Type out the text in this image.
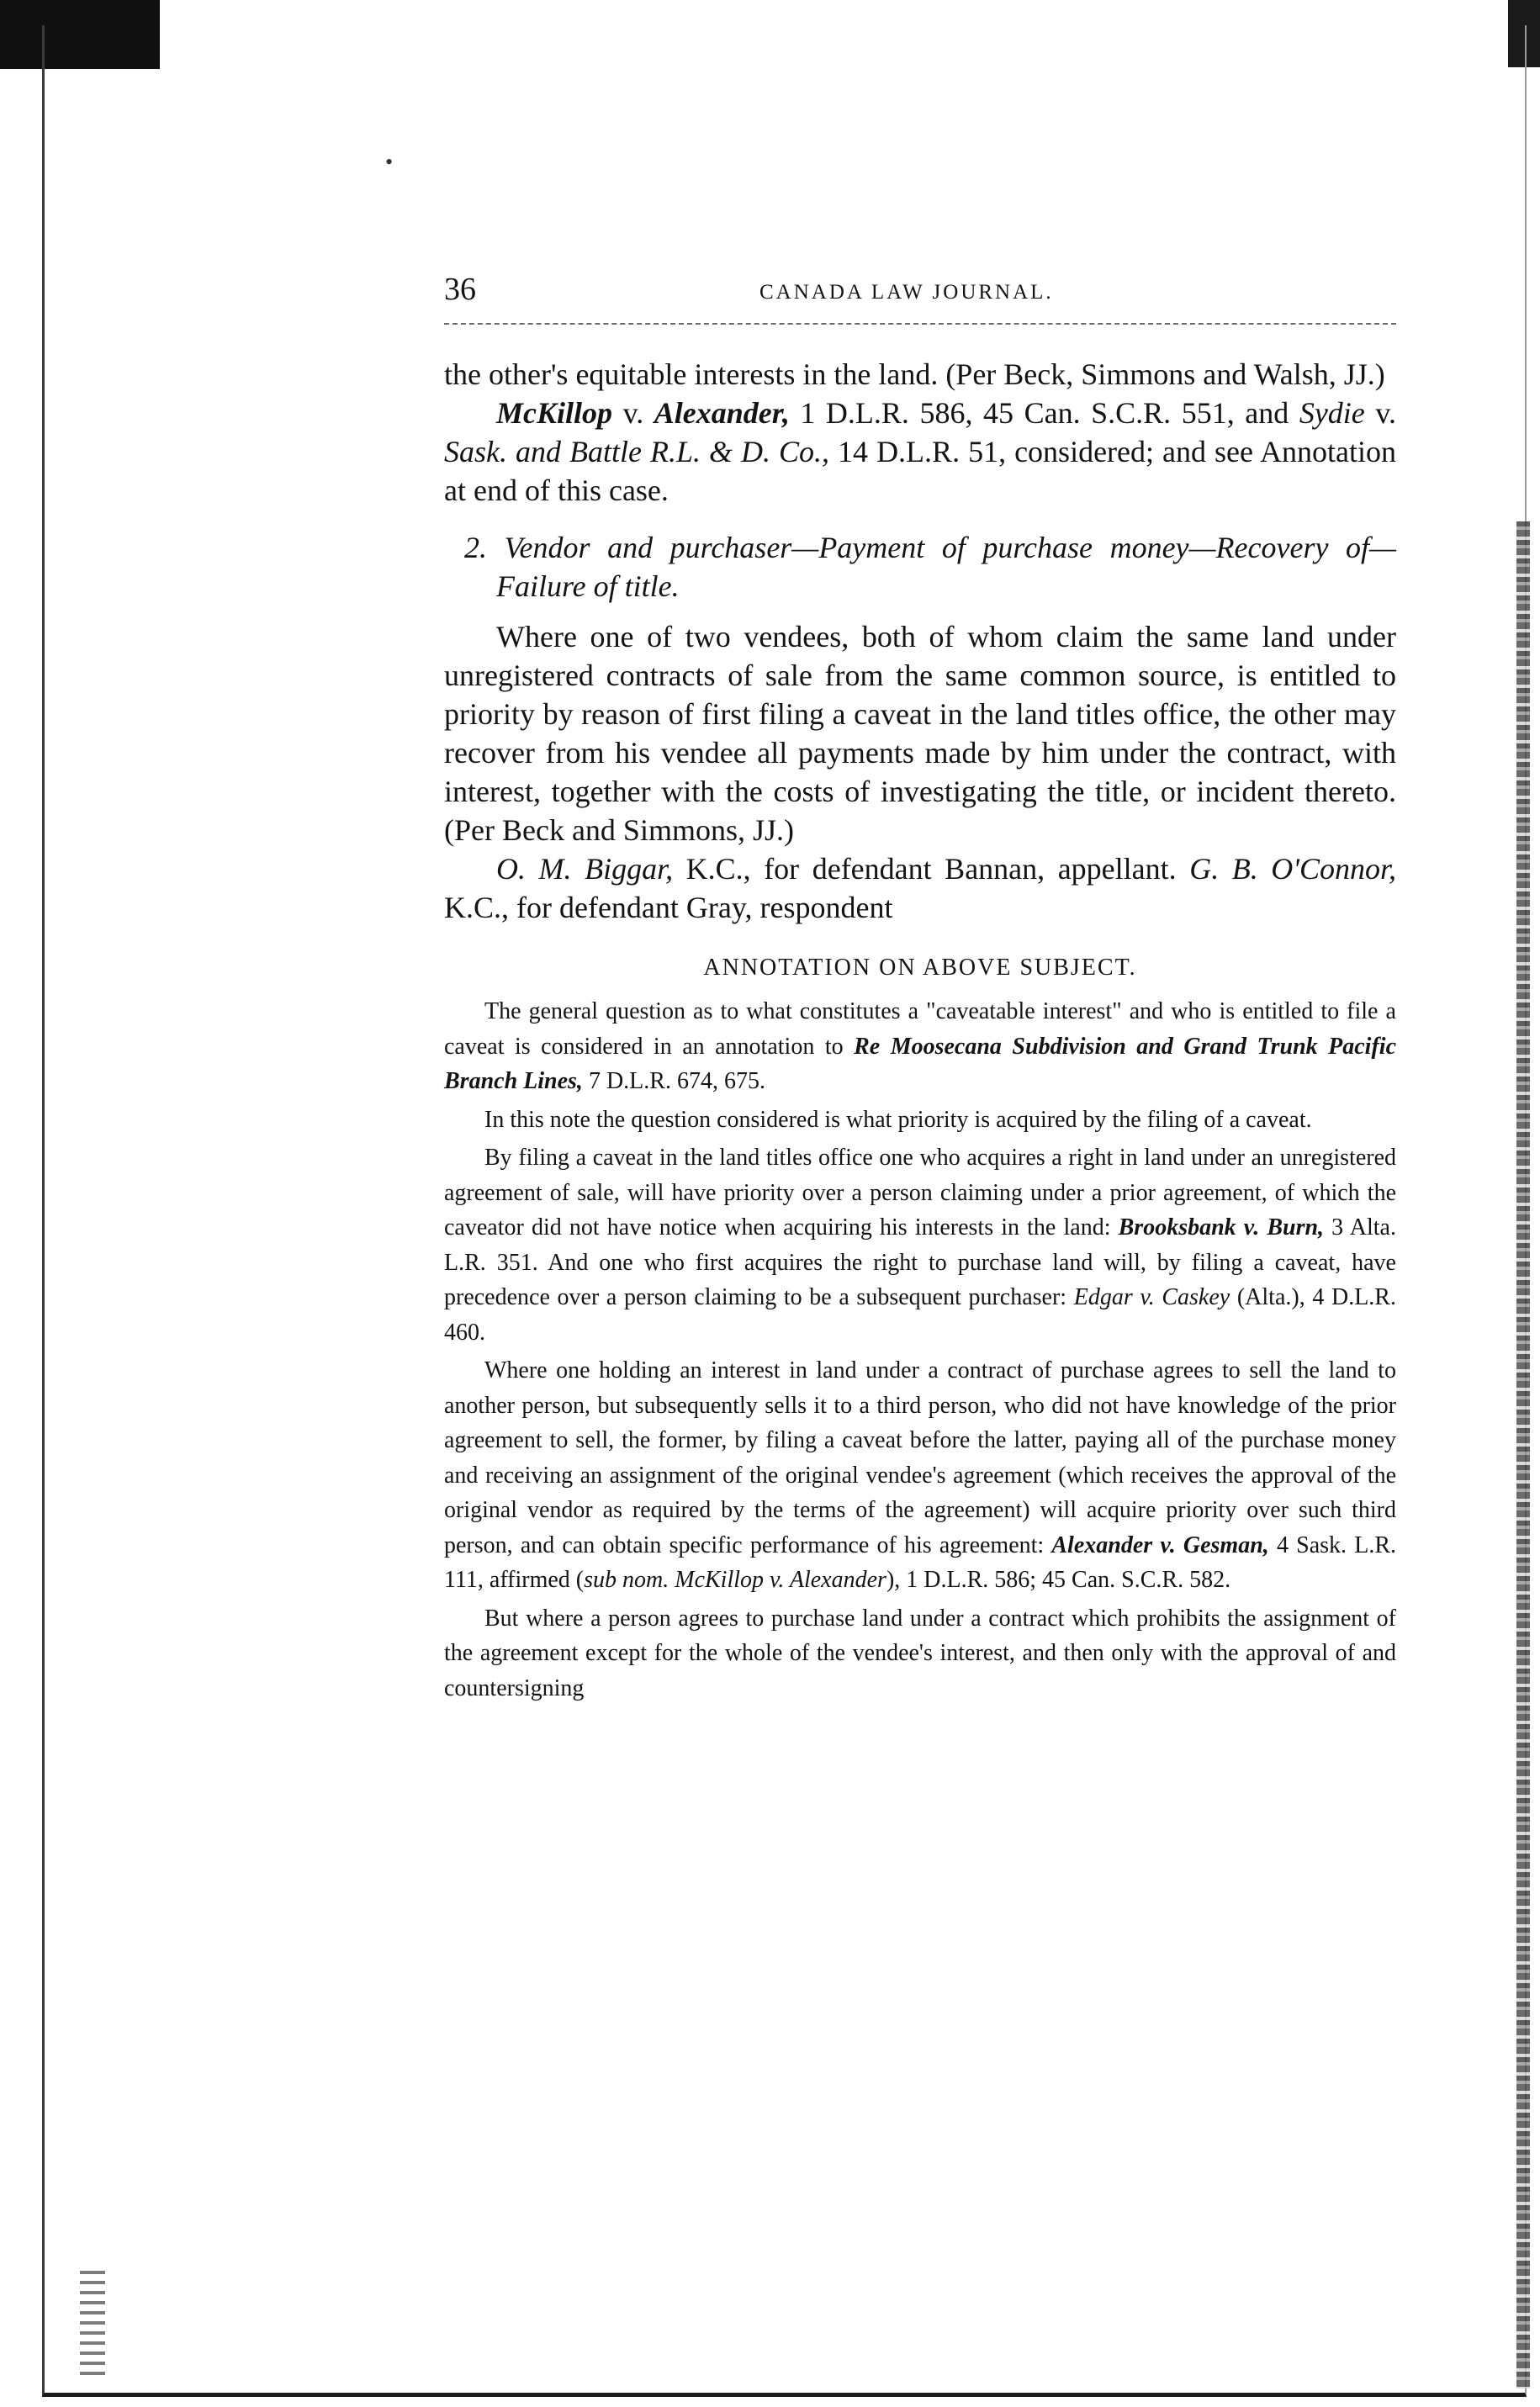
•
36	CANADA LAW JOURNAL.

the other's equitable interests in the land. (Per Beck, Simmons and Walsh, JJ.)

McKillop v. Alexander, 1 D.L.R. 586, 45 Can. S.C.R. 551, and Sydie v. Sask. and Battle R.L. & D. Co., 14 D.L.R. 51, considered; and see Annotation at end of this case.

2. Vendor and purchaser—Payment of purchase money—Recovery of—Failure of title.

Where one of two vendees, both of whom claim the same land under unregistered contracts of sale from the same common source, is entitled to priority by reason of first filing a caveat in the land titles office, the other may recover from his vendee all payments made by him under the contract, with interest, together with the costs of investigating the title, or incident thereto. (Per Beck and Simmons, JJ.)

O. M. Biggar, K.C., for defendant Bannan, appellant. G. B. O'Connor, K.C., for defendant Gray, respondent

ANNOTATION ON ABOVE SUBJECT.

The general question as to what constitutes a "caveatable interest" and who is entitled to file a caveat is considered in an annotation to Re Moosecana Subdivision and Grand Trunk Pacific Branch Lines, 7 D.L.R. 674, 675.

In this note the question considered is what priority is acquired by the filing of a caveat.

By filing a caveat in the land titles office one who acquires a right in land under an unregistered agreement of sale, will have priority over a person claiming under a prior agreement, of which the caveator did not have notice when acquiring his interests in the land: Brooksbank v. Burn, 3 Alta. L.R. 351. And one who first acquires the right to purchase land will, by filing a caveat, have precedence over a person claiming to be a subsequent purchaser: Edgar v. Caskey (Alta.), 4 D.L.R. 460.

Where one holding an interest in land under a contract of purchase agrees to sell the land to another person, but subsequently sells it to a third person, who did not have knowledge of the prior agreement to sell, the former, by filing a caveat before the latter, paying all of the purchase money and receiving an assignment of the original vendee's agreement (which receives the approval of the original vendor as required by the terms of the agreement) will acquire priority over such third person, and can obtain specific performance of his agreement: Alexander v. Gesman, 4 Sask. L.R. 111, affirmed (sub nom. McKillop v. Alexander), 1 D.L.R. 586; 45 Can. S.C.R. 582.

But where a person agrees to purchase land under a contract which prohibits the assignment of the agreement except for the whole of the vendee's interest, and then only with the approval of and countersigning
